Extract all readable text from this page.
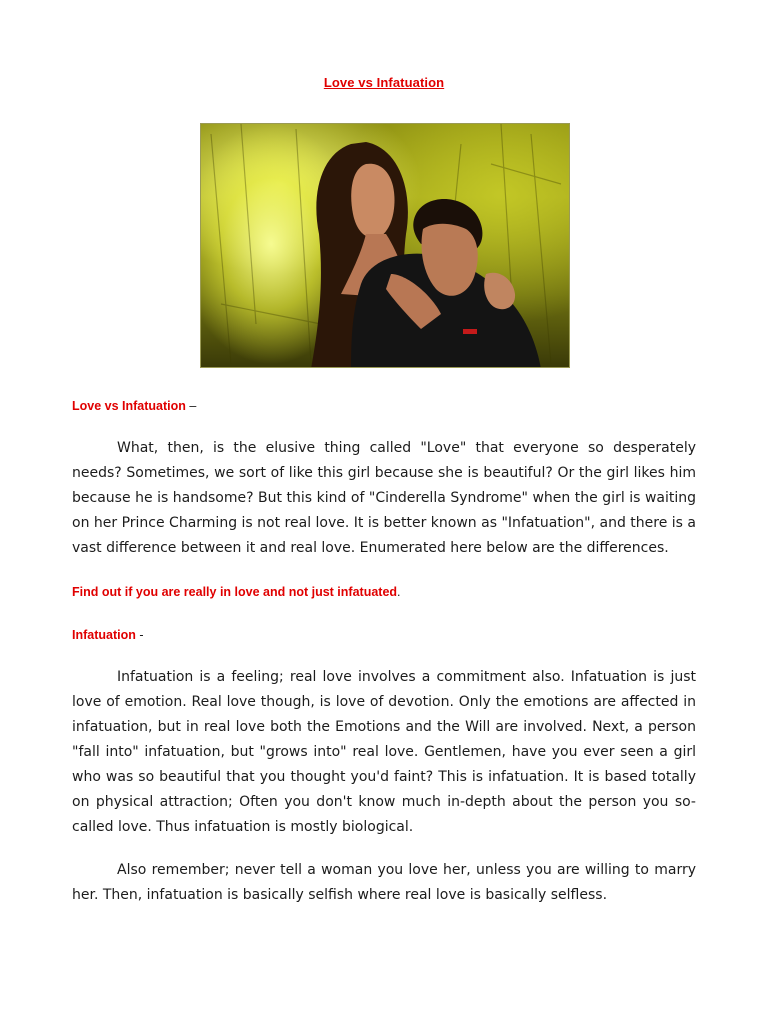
Love vs Infatuation
Love vs Infatuation –

What, then, is the elusive thing called "Love" that everyone so desperately needs? Sometimes, we sort of like this girl because she is beautiful? Or the girl likes him because he is handsome? But this kind of "Cinderella Syndrome" when the girl is waiting on her Prince Charming is not real love. It is better known as "Infatuation", and there is a vast difference between it and real love. Enumerated here below are the differences.

Find out if you are really in love and not just infatuated.
Infatuation -

Infatuation is a feeling; real love involves a commitment also. Infatuation is just love of emotion. Real love though, is love of devotion. Only the emotions are affected in infatuation, but in real love both the Emotions and the Will are involved. Next, a person "fall into" infatuation, but "grows into" real love. Gentlemen, have you ever seen a girl who was so beautiful that you thought you'd faint? This is infatuation. It is based totally on physical attraction; Often you don't know much in-depth about the person you so-called love. Thus infatuation is mostly biological.

Also remember; never tell a woman you love her, unless you are willing to marry her. Then, infatuation is basically selfish where real love is basically selfless.
